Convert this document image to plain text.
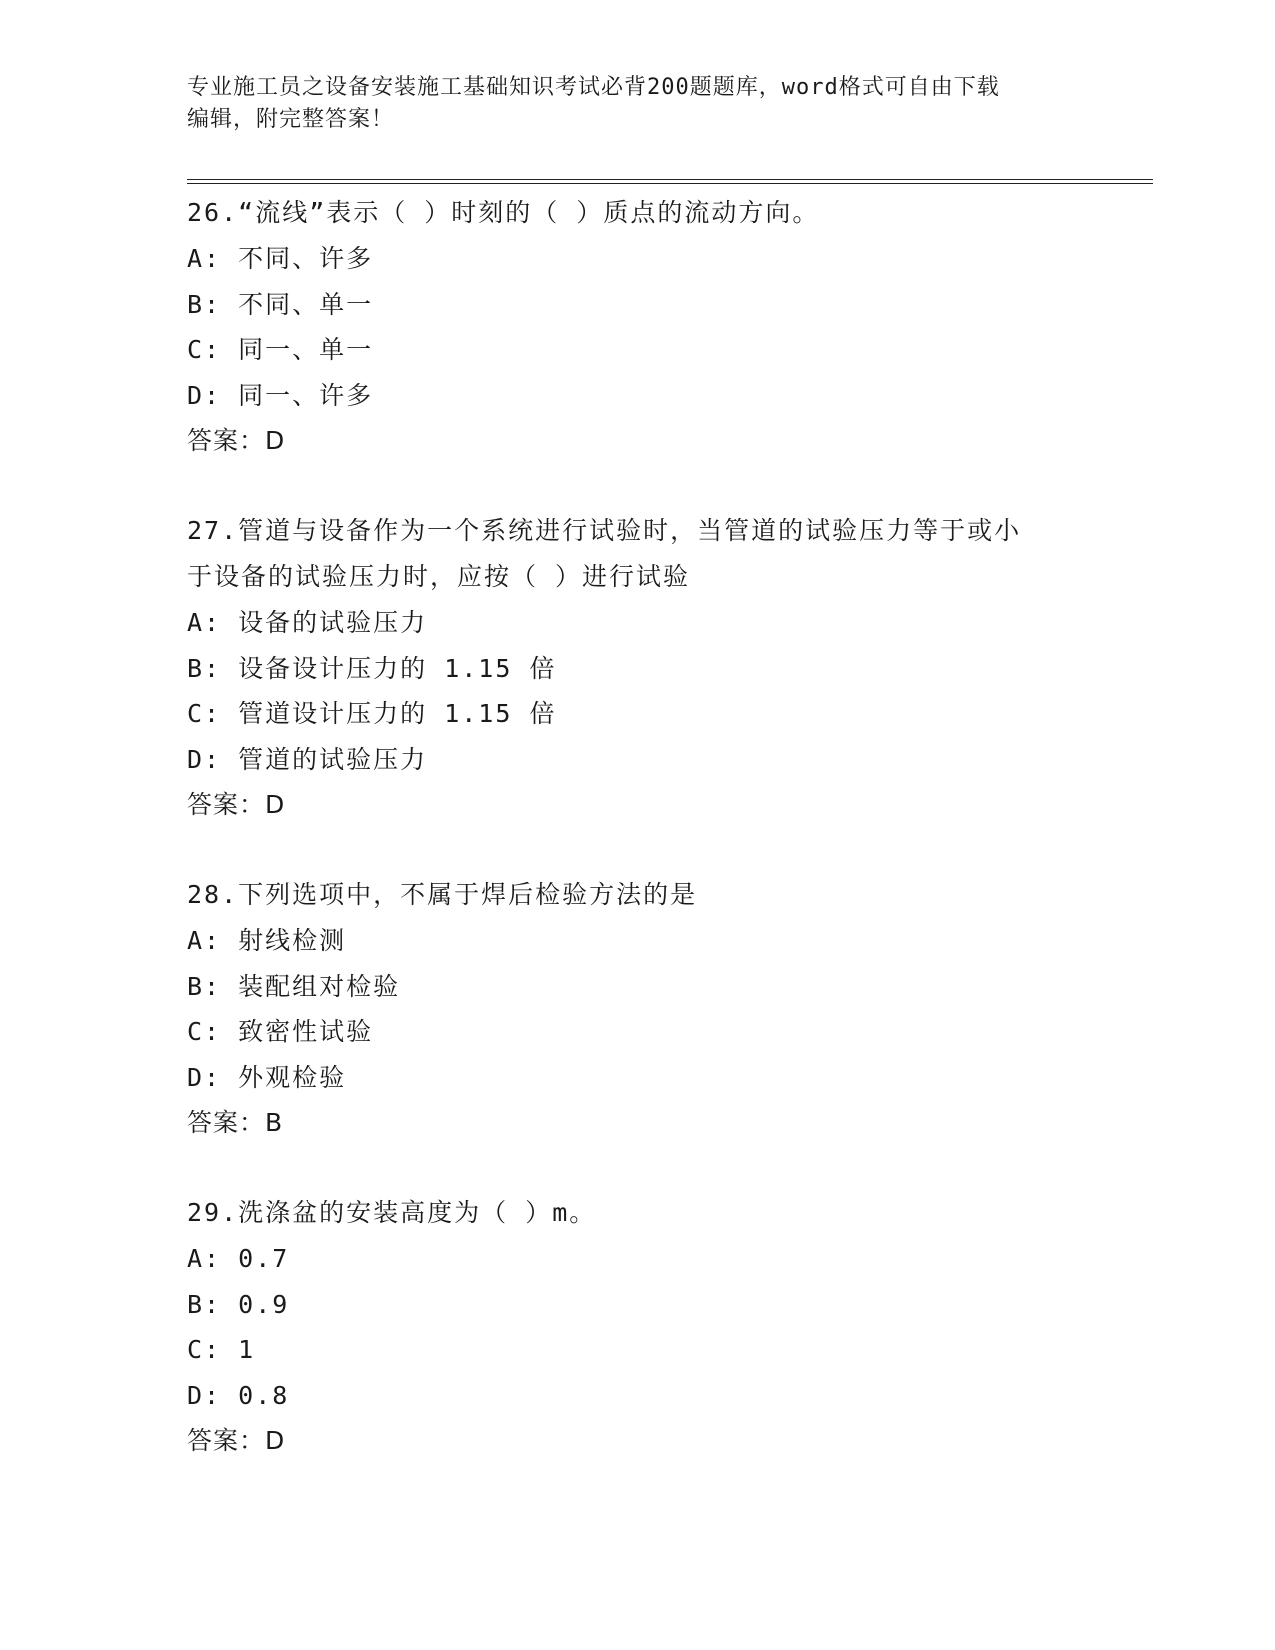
专业施工员之设备安装施工基础知识考试必背200题题库，word格式可自由下载
编辑，附完整答案！
26.“流线”表示（ ）时刻的（ ）质点的流动方向。
A: 不同、许多
B: 不同、单一
C: 同一、单一
D: 同一、许多
答案：D
27.管道与设备作为一个系统进行试验时，当管道的试验压力等于或小
于设备的试验压力时，应按（ ）进行试验
A: 设备的试验压力
B: 设备设计压力的 1.15 倍
C: 管道设计压力的 1.15 倍
D: 管道的试验压力
答案：D
28.下列选项中，不属于焊后检验方法的是
A: 射线检测
B: 装配组对检验
C: 致密性试验
D: 外观检验
答案：B
29.洗涤盆的安装高度为（ ）m。
A: 0.7
B: 0.9
C: 1
D: 0.8
答案：D
